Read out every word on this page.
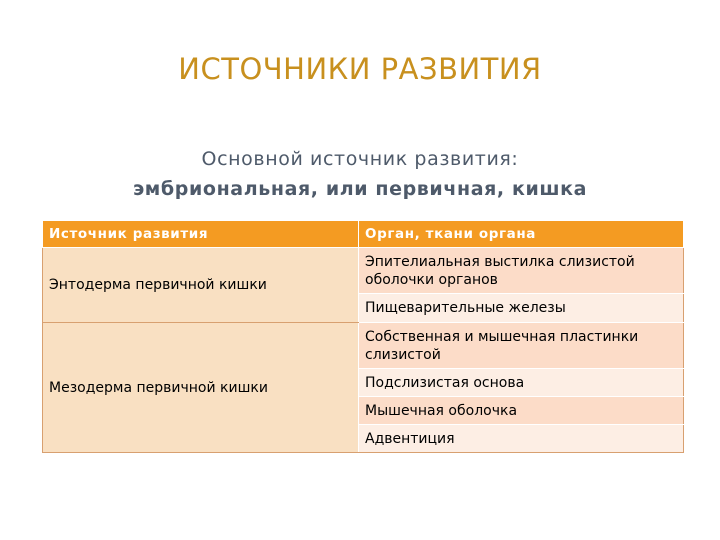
ИСТОЧНИКИ РАЗВИТИЯ
Основной источник развития:
эмбриональная, или первичная, кишка
Источник развития	Орган, ткани органа
Энтодерма первичной кишки	Эпителиальная выстилка слизистой оболочки органов
	Пищеварительные железы
Мезодерма первичной кишки	Собственная и мышечная пластинки слизистой
	Подслизистая основа
	Мышечная оболочка
	Адвентиция
